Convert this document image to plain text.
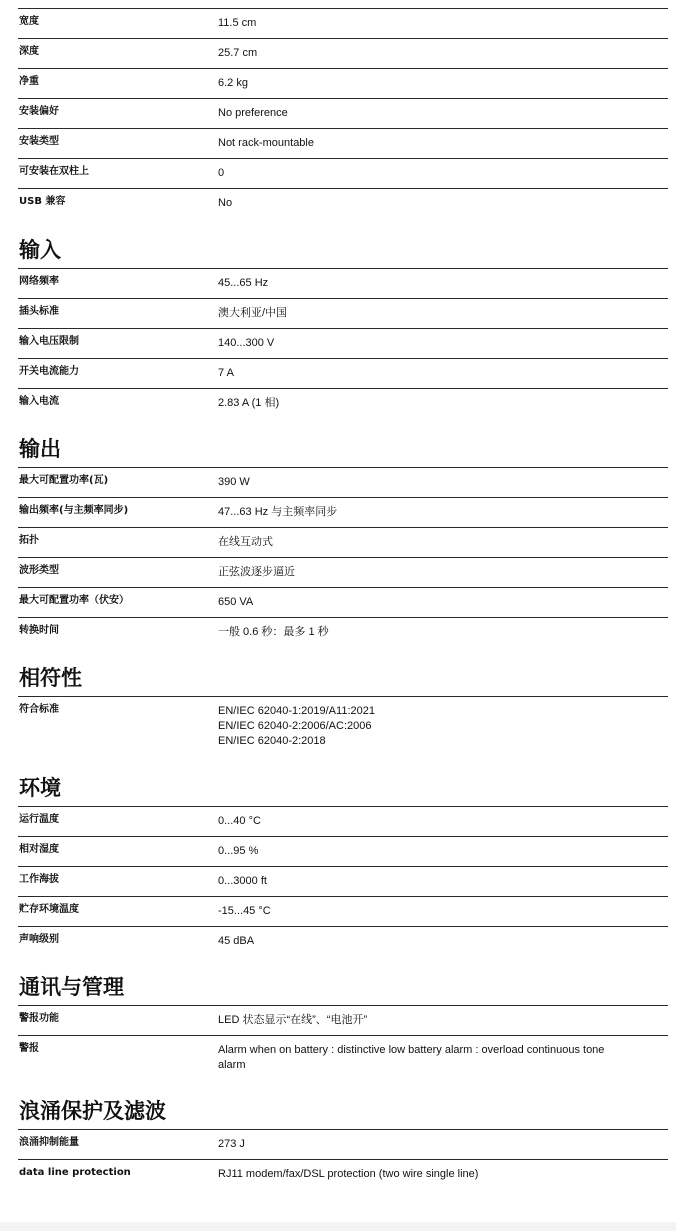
宽度	11.5 cm
深度	25.7 cm
净重	6.2 kg
安装偏好	No preference
安装类型	Not rack-mountable
可安装在双柱上	0
USB 兼容	No
输入
网络频率	45...65 Hz
插头标准	澳大利亚/中国
输入电压限制	140...300 V
开关电流能力	7 A
输入电流	2.83 A (1 相)
输出
最大可配置功率(瓦)	390 W
输出频率(与主频率同步)	47...63 Hz 与主频率同步
拓扑	在线互动式
波形类型	正弦波逐步逼近
最大可配置功率（伏安）	650 VA
转换时间	一般 0.6 秒：最多 1 秒
相符性
符合标准	EN/IEC 62040-1:2019/A11:2021
EN/IEC 62040-2:2006/AC:2006
EN/IEC 62040-2:2018
环境
运行温度	0...40 °C
相对湿度	0...95 %
工作海拔	0...3000 ft
贮存环境温度	-15...45 °C
声响级别	45 dBA
通讯与管理
警报功能	LED 状态显示“在线”、“电池开”
警报	Alarm when on battery : distinctive low battery alarm : overload continuous tone
alarm
浪涌保护及滤波
浪涌抑制能量	273 J
data line protection	RJ11 modem/fax/DSL protection (two wire single line)
